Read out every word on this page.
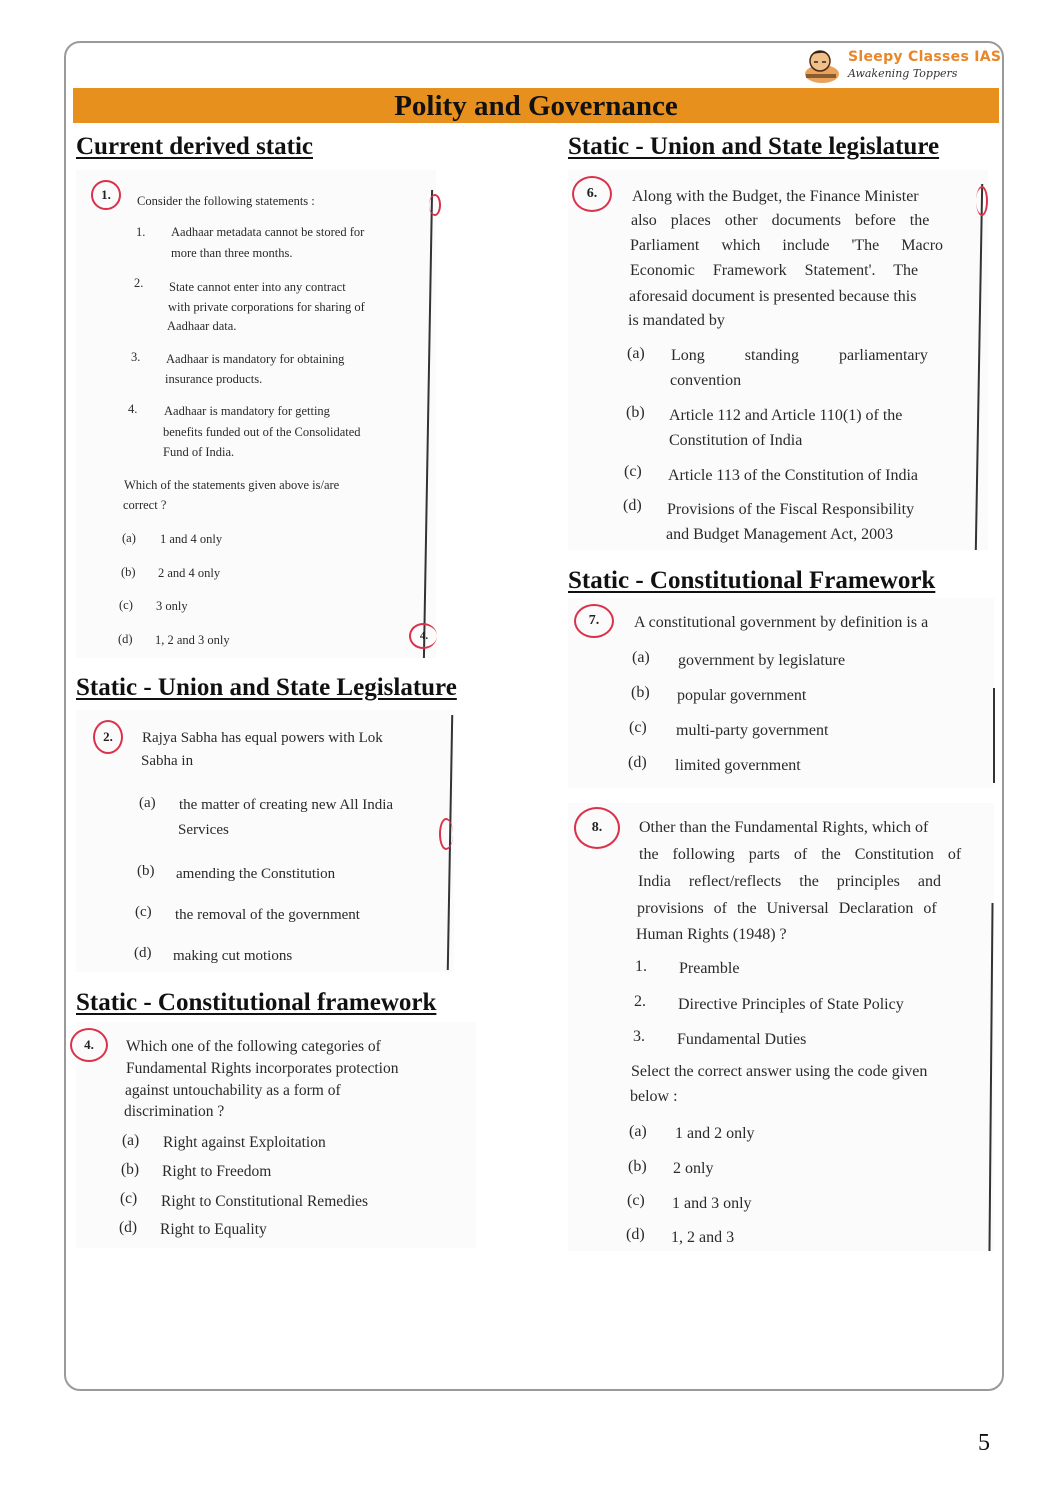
Sleepy Classes IAS
Awakening Toppers
Polity and Governance
Current derived static	Static - Union and State legislature
Static - Union and State Legislature
Static - Constitutional Framework
Static - Constitutional framework
1.	Consider the following statements :
1. Aadhaar metadata cannot be stored for
more than three months.
2. State cannot enter into any contract
with private corporations for sharing of
Aadhaar data.
3. Aadhaar is mandatory for obtaining
insurance products.
4. Aadhaar is mandatory for getting
benefits funded out of the Consolidated
Fund of India.
Which of the statements given above is/are
correct ?
(a) 1 and 4 only
(b) 2 and 4 only
(c) 3 only
(d) 1, 2 and 3 only	4.
2.	Rajya Sabha has equal powers with Lok
Sabha in
(a) the matter of creating new All India
Services
(b) amending the Constitution
(c) the removal of the government
(d) making cut motions
4.	Which one of the following categories of
Fundamental Rights incorporates protection
against untouchability as a form of
discrimination ?
(a) Right against Exploitation
(b) Right to Freedom
(c) Right to Constitutional Remedies
(d) Right to Equality
6.	Along with the Budget, the Finance Minister
also places other documents before the
Parliament which include 'The Macro
Economic Framework Statement'. The
aforesaid document is presented because this
is mandated by
(a) Long standing parliamentary
convention
(b) Article 112 and Article 110(1) of the
Constitution of India
(c) Article 113 of the Constitution of India
(d) Provisions of the Fiscal Responsibility
and Budget Management Act, 2003
7.	A constitutional government by definition is a
(a) government by legislature
(b) popular government
(c) multi-party government
(d) limited government
8.	Other than the Fundamental Rights, which of
the following parts of the Constitution of
India reflect/reflects the principles and
provisions of the Universal Declaration of
Human Rights (1948) ?
1. Preamble
2. Directive Principles of State Policy
3. Fundamental Duties
Select the correct answer using the code given
below :
(a) 1 and 2 only
(b) 2 only
(c) 1 and 3 only
(d) 1, 2 and 3
5
